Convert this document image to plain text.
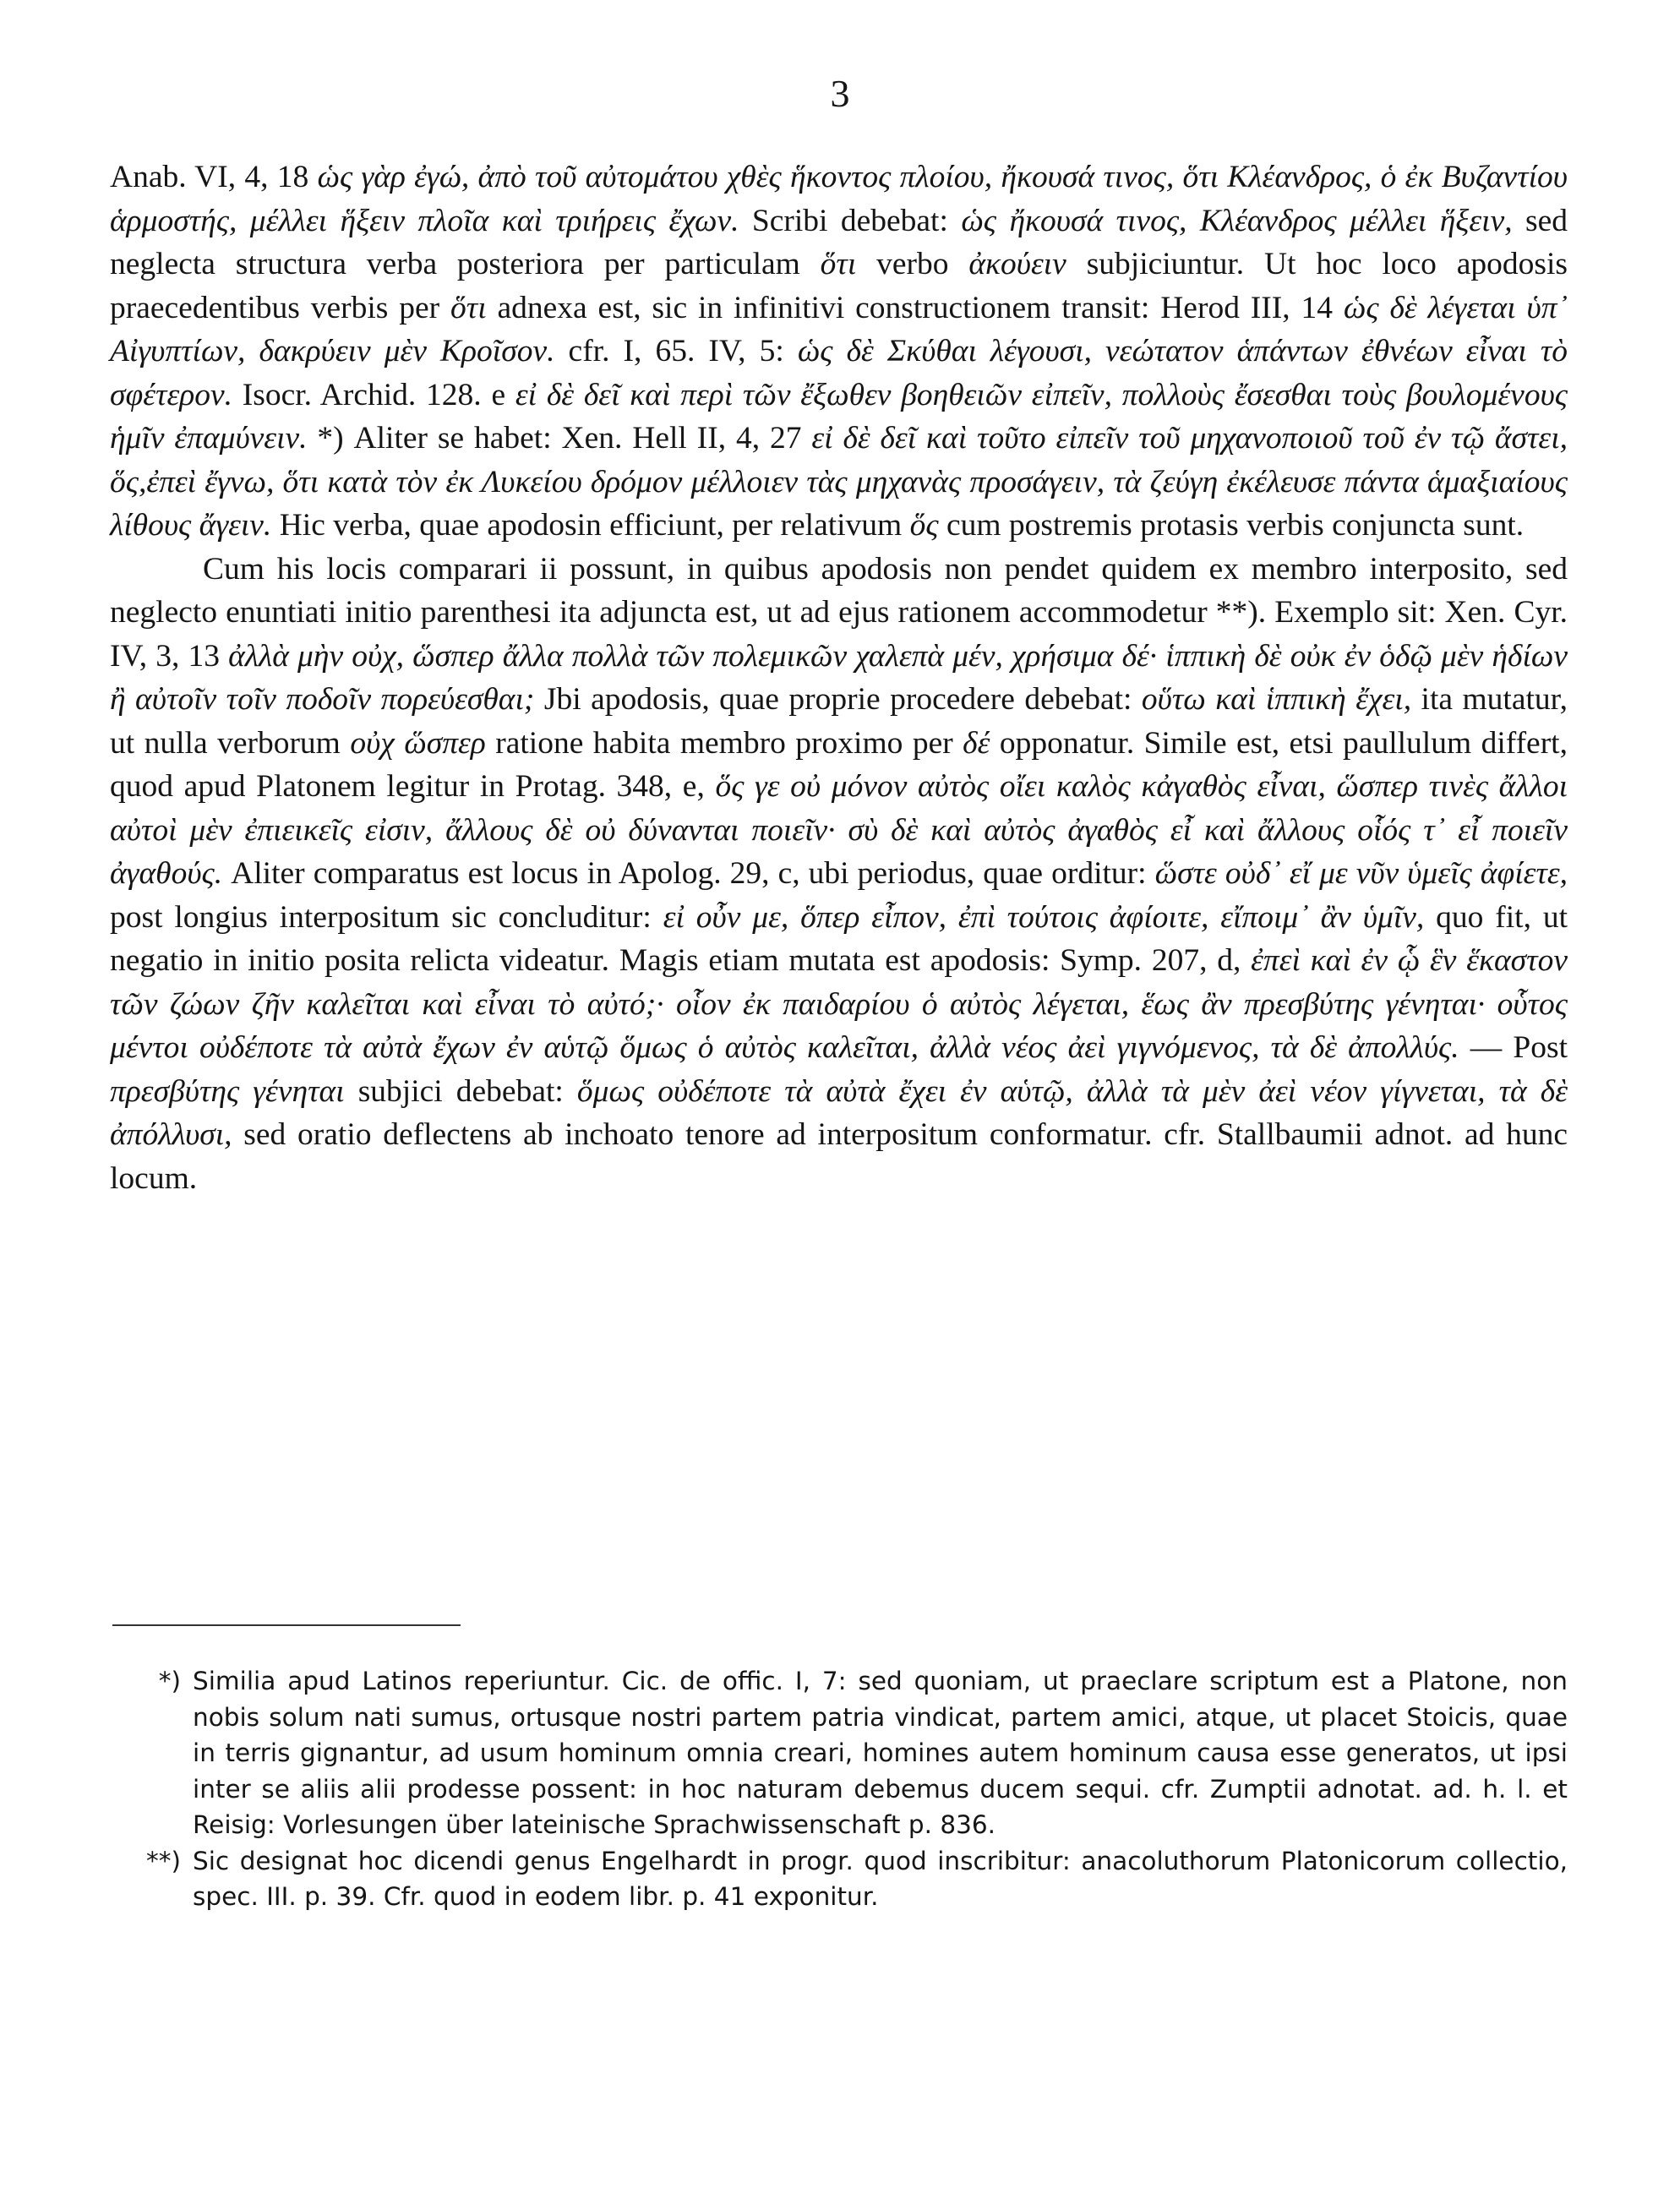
3

Anab. VI, 4, 18 ὡς γὰρ ἐγώ, ἀπὸ τοῦ αὐτομάτου χθὲς ἥκοντος πλοίου, ἤκουσά τινος, ὅτι Κλέανδρος, ὁ ἐκ Βυζαντίου ἁρμοστής, μέλλει ἥξειν πλοῖα καὶ τριήρεις ἔχων. Scribi debebat: ὡς ἤκουσά τινος, Κλέανδρος μέλλει ἥξειν, sed neglecta structura verba posteriora per particulam ὅτι verbo ἀκούειν subjiciuntur. Ut hoc loco apodosis praecedentibus verbis per ὅτι adnexa est, sic in infinitivi constructionem transit: Herod III, 14 ὡς δὲ λέγεται ὑπ᾽ Αἰγυπτίων, δακρύειν μὲν Κροῖσον. cfr. I, 65. IV, 5: ὡς δὲ Σκύθαι λέγουσι, νεώτατον ἁπάντων ἐθνέων εἶναι τὸ σφέτερον. Isocr. Archid. 128. e εἰ δὲ δεῖ καὶ περὶ τῶν ἔξωθεν βοηθειῶν εἰπεῖν, πολλοὺς ἔσεσθαι τοὺς βουλομένους ἡμῖν ἐπαμύνειν. *) Aliter se habet: Xen. Hell II, 4, 27 εἰ δὲ δεῖ καὶ τοῦτο εἰπεῖν τοῦ μηχανοποιοῦ τοῦ ἐν τῷ ἄστει, ὅς,ἐπεὶ ἔγνω, ὅτι κατὰ τὸν ἐκ Λυκείου δρόμον μέλλοιεν τὰς μηχανὰς προσάγειν, τὰ ζεύγη ἐκέλευσε πάντα ἁμαξιαίους λίθους ἄγειν. Hic verba, quae apodosin efficiunt, per relativum ὅς cum postremis protasis verbis conjuncta sunt.

Cum his locis comparari ii possunt, in quibus apodosis non pendet quidem ex membro interposito, sed neglecto enuntiati initio parenthesi ita adjuncta est, ut ad ejus rationem accommodetur **). Exemplo sit: Xen. Cyr. IV, 3, 13 ἀλλὰ μὴν οὐχ, ὥσπερ ἄλλα πολλὰ τῶν πολεμικῶν χαλεπὰ μέν, χρήσιμα δέ· ἱππικὴ δὲ οὐκ ἐν ὁδῷ μὲν ἡδίων ἢ αὐτοῖν τοῖν ποδοῖν πορεύεσθαι; Jbi apodosis, quae proprie procedere debebat: οὕτω καὶ ἱππικὴ ἔχει, ita mutatur, ut nulla verborum οὐχ ὥσπερ ratione habita membro proximo per δέ opponatur. Simile est, etsi paullulum differt, quod apud Platonem legitur in Protag. 348, e, ὅς γε οὐ μόνον αὐτὸς οἴει καλὸς κἀγαθὸς εἶναι, ὥσπερ τινὲς ἄλλοι αὐτοὶ μὲν ἐπιεικεῖς εἰσιν, ἄλλους δὲ οὐ δύνανται ποιεῖν· σὺ δὲ καὶ αὐτὸς ἀγαθὸς εἶ καὶ ἄλλους οἷός τ᾽ εἶ ποιεῖν ἀγαθούς. Aliter comparatus est locus in Apolog. 29, c, ubi periodus, quae orditur: ὥστε οὐδ᾽ εἴ με νῦν ὑμεῖς ἀφίετε, post longius interpositum sic concluditur: εἰ οὖν με, ὅπερ εἶπον, ἐπὶ τούτοις ἀφίοιτε, εἴποιμ᾽ ἂν ὑμῖν, quo fit, ut negatio in initio posita relicta videatur. Magis etiam mutata est apodosis: Symp. 207, d, ἐπεὶ καὶ ἐν ᾧ ἓν ἕκαστον τῶν ζώων ζῆν καλεῖται καὶ εἶναι τὸ αὐτό;· οἷον ἐκ παιδαρίου ὁ αὐτὸς λέγεται, ἕως ἂν πρεσβύτης γένηται· οὗτος μέντοι οὐδέποτε τὰ αὐτὰ ἔχων ἐν αὑτῷ ὅμως ὁ αὐτὸς καλεῖται, ἀλλὰ νέος ἀεὶ γιγνόμενος, τὰ δὲ ἀπολλύς. — Post πρεσβύτης γένηται subjici debebat: ὅμως οὐδέποτε τὰ αὐτὰ ἔχει ἐν αὑτῷ, ἀλλὰ τὰ μὲν ἀεὶ νέον γίγνεται, τὰ δὲ ἀπόλλυσι, sed oratio deflectens ab inchoato tenore ad interpositum conformatur. cfr. Stallbaumii adnot. ad hunc locum.

*) Similia apud Latinos reperiuntur. Cic. de offic. I, 7: sed quoniam, ut praeclare scriptum est a Platone, non nobis solum nati sumus, ortusque nostri partem patria vindicat, partem amici, atque, ut placet Stoicis, quae in terris gignantur, ad usum hominum omnia creari, homines autem hominum causa esse generatos, ut ipsi inter se aliis alii prodesse possent: in hoc naturam debemus ducem sequi. cfr. Zumptii adnotat. ad. h. l. et Reisig: Vorlesungen über lateinische Sprachwissenschaft p. 836.
**) Sic designat hoc dicendi genus Engelhardt in progr. quod inscribitur: anacoluthorum Platonicorum collectio, spec. III. p. 39. Cfr. quod in eodem libr. p. 41 exponitur.
